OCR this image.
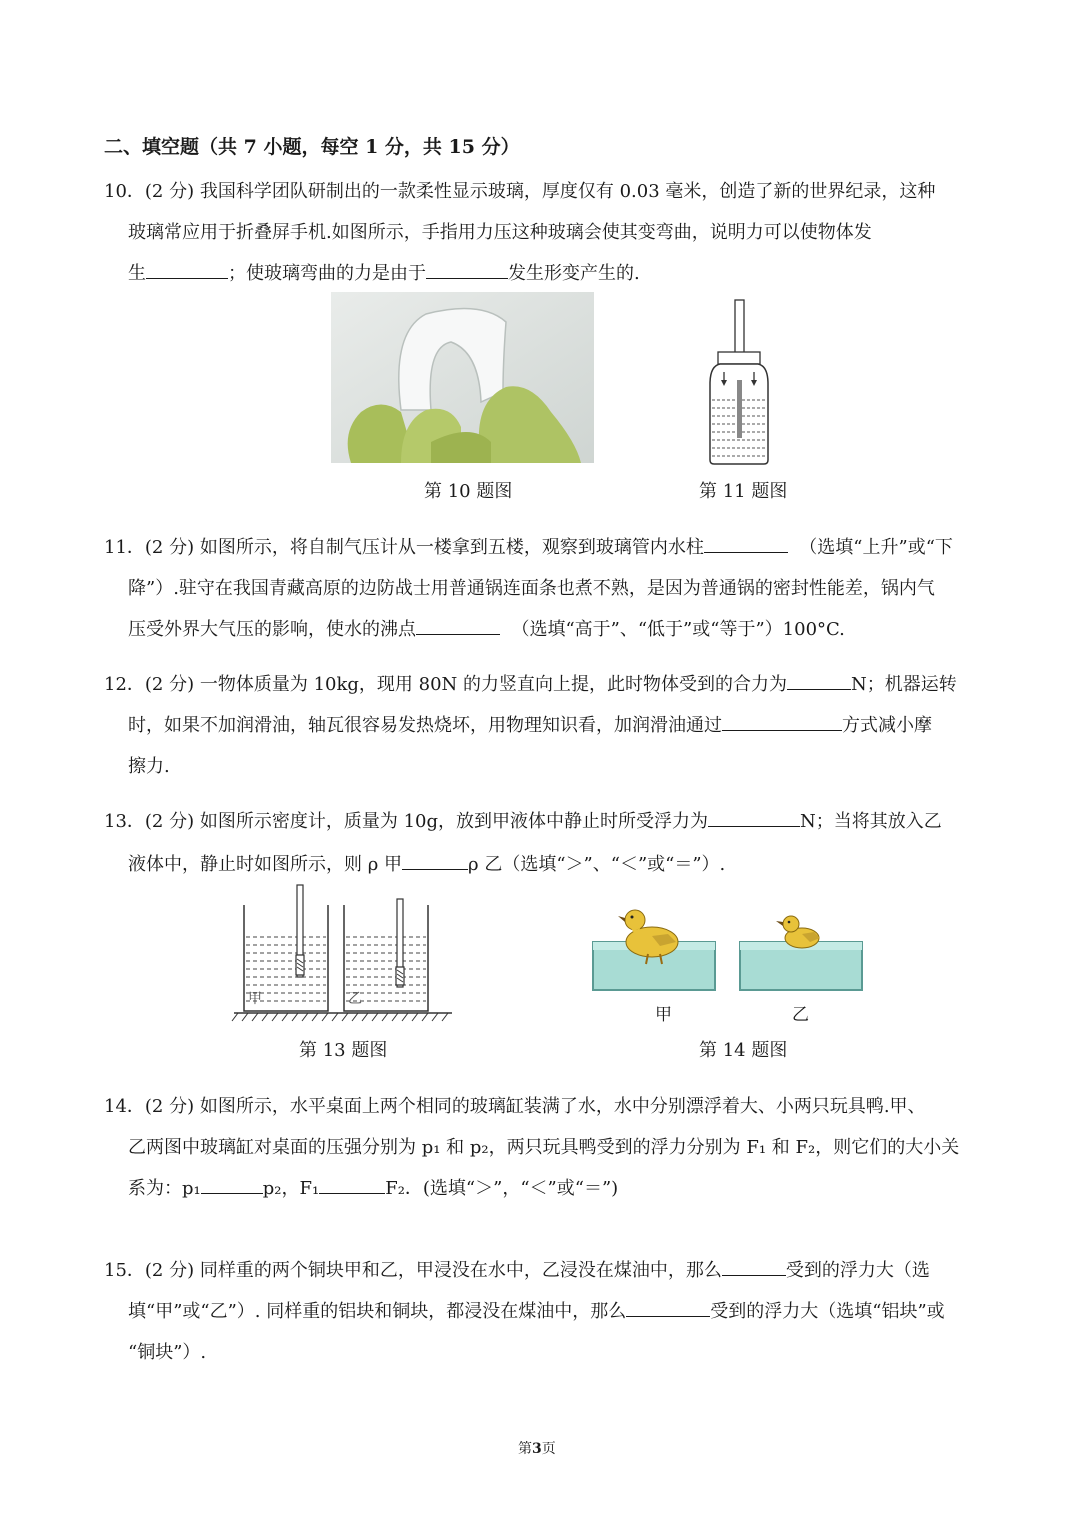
二、填空题（共 7 小题，每空 1 分，共 15 分）
10．(2 分) 我国科学团队研制出的一款柔性显示玻璃，厚度仅有 0.03 毫米，创造了新的世界纪录，这种
玻璃常应用于折叠屏手机.如图所示，手指用力压这种玻璃会使其变弯曲，说明力可以使物体发
生	；使玻璃弯曲的力是由于	发生形变产生的.
第 10 题图	第 11 题图
11．(2 分) 如图所示，将自制气压计从一楼拿到五楼，观察到玻璃管内水柱	（选填“上升”或“下
降”）.驻守在我国青藏高原的边防战士用普通锅连面条也煮不熟，是因为普通锅的密封性能差，锅内气
压受外界大气压的影响，使水的沸点	（选填“高于”、“低于”或“等于”）100°C.
12．(2 分) 一物体质量为 10kg，现用 80N 的力竖直向上提，此时物体受到的合力为	N；机器运转
时，如果不加润滑油，轴瓦很容易发热烧坏，用物理知识看，加润滑油通过	方式减小摩
擦力.
13．(2 分) 如图所示密度计，质量为 10g，放到甲液体中静止时所受浮力为	N；当将其放入乙
液体中，静止时如图所示，则 ρ 甲	ρ 乙（选填“＞”、“＜”或“＝”）.
甲	乙
甲	乙
第 13 题图	第 14 题图
14．(2 分) 如图所示，水平桌面上两个相同的玻璃缸装满了水，水中分别漂浮着大、小两只玩具鸭.甲、
乙两图中玻璃缸对桌面的压强分别为 p₁ 和 p₂，两只玩具鸭受到的浮力分别为 F₁ 和 F₂，则它们的大小关
系为：p₁	p₂，F₁	F₂．(选填“＞”，“＜”或“＝”)
15．(2 分) 同样重的两个铜块甲和乙，甲浸没在水中，乙浸没在煤油中，那么	受到的浮力大（选
填“甲”或“乙”）. 同样重的铝块和铜块，都浸没在煤油中，那么	受到的浮力大（选填“铝块”或
“铜块”）.
第3页
